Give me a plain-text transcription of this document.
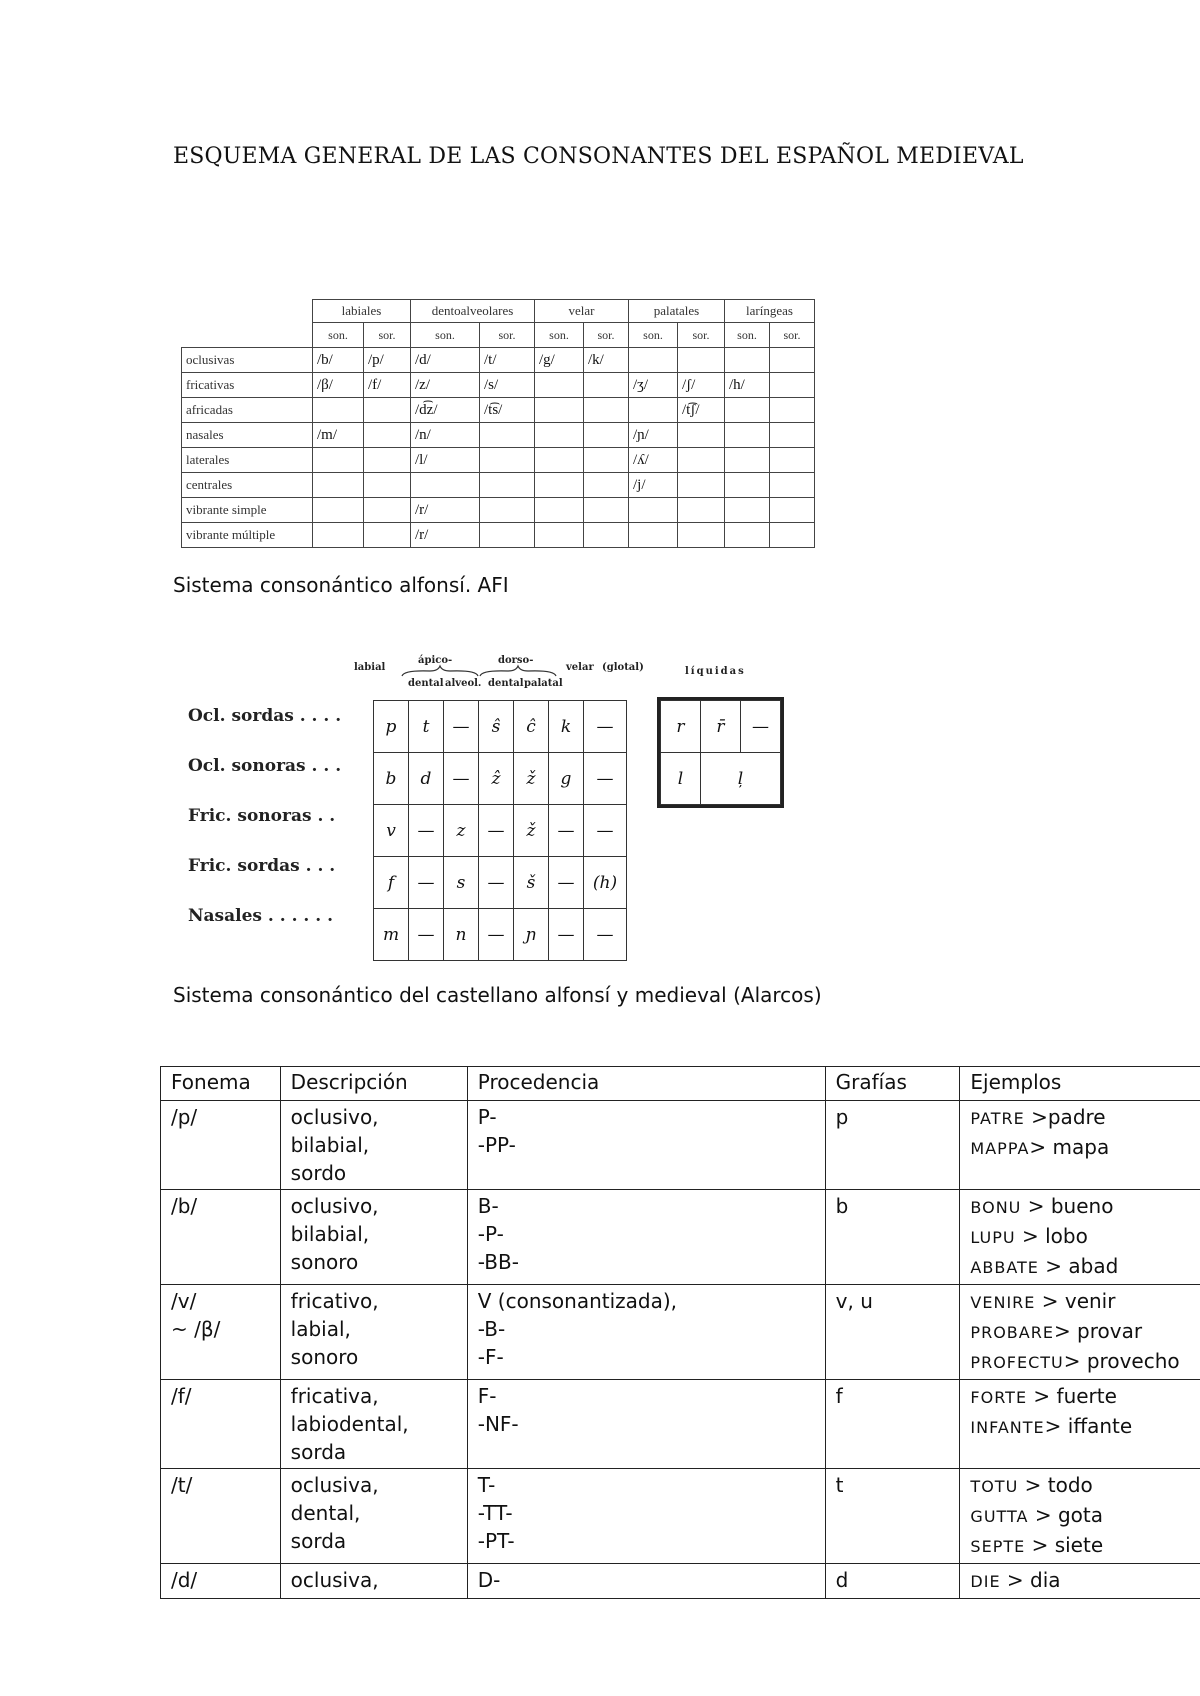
ESQUEMA GENERAL DE LAS CONSONANTES DEL ESPAÑOL MEDIEVAL
	labiales		dentoalveolares		velar		palatales		laríngeas	
	son.	sor.	son.	sor.	son.	sor.	son.	sor.	son.	sor.
oclusivas	/b/	/p/	/d/	/t/	/g/	/k/				
fricativas	/β/	/f/	/z/	/s/			/ʒ/	/ʃ/	/h/	
africadas			/d͡z/	/t͡s/				/t͡ʃ/		
nasales	/m/		/n/				/ɲ/			
laterales			/l/				/ʎ/			
centrales							/j/			
vibrante simple			/r/							
vibrante múltiple			/r/							
Sistema consonántico alfonsí. AFI
labial
ápico-	dorso-
velar (glotal)
dental alveol. dental palatal
líquidas
Ocl. sordas . . . .
Ocl. sonoras . . .
Fric. sonoras . .
Fric. sordas . . .
Nasales . . . . . .
p	t	—	ŝ	ĉ	k	—
b	d	—	ẑ	ž	g	—
v	—	z	—	ž	—	—
f	—	s	—	š	—	(h)
m	—	n	—	ɲ	—	—
r	r̄	—
l	ļ	
Sistema consonántico del castellano alfonsí y medieval (Alarcos)
Fonema	Descripción	Procedencia	Grafías	Ejemplos

/p/	oclusivo,
bilabial,
sordo	P-
-PP-	p	PATRE >padre
MAPPA> mapa

/b/	oclusivo,
bilabial,
sonoro	B-
-P-
-BB-	b	BONU > bueno
LUPU > lobo
ABBATE > abad

/v/
~ /β/	fricativo,
labial,
sonoro	V (consonantizada),
-B-
-F-	v, u	VENIRE > venir
PROBARE> provar
PROFECTU> provecho

/f/	fricativa,
labiodental,
sorda	F-
-NF-	f	FORTE > fuerte
INFANTE> iffante

/t/	oclusiva,
dental,
sorda	T-
-TT-
-PT-	t	TOTU > todo
GUTTA > gota
SEPTE > siete

/d/	oclusiva,	D-	d	DIE > dia
